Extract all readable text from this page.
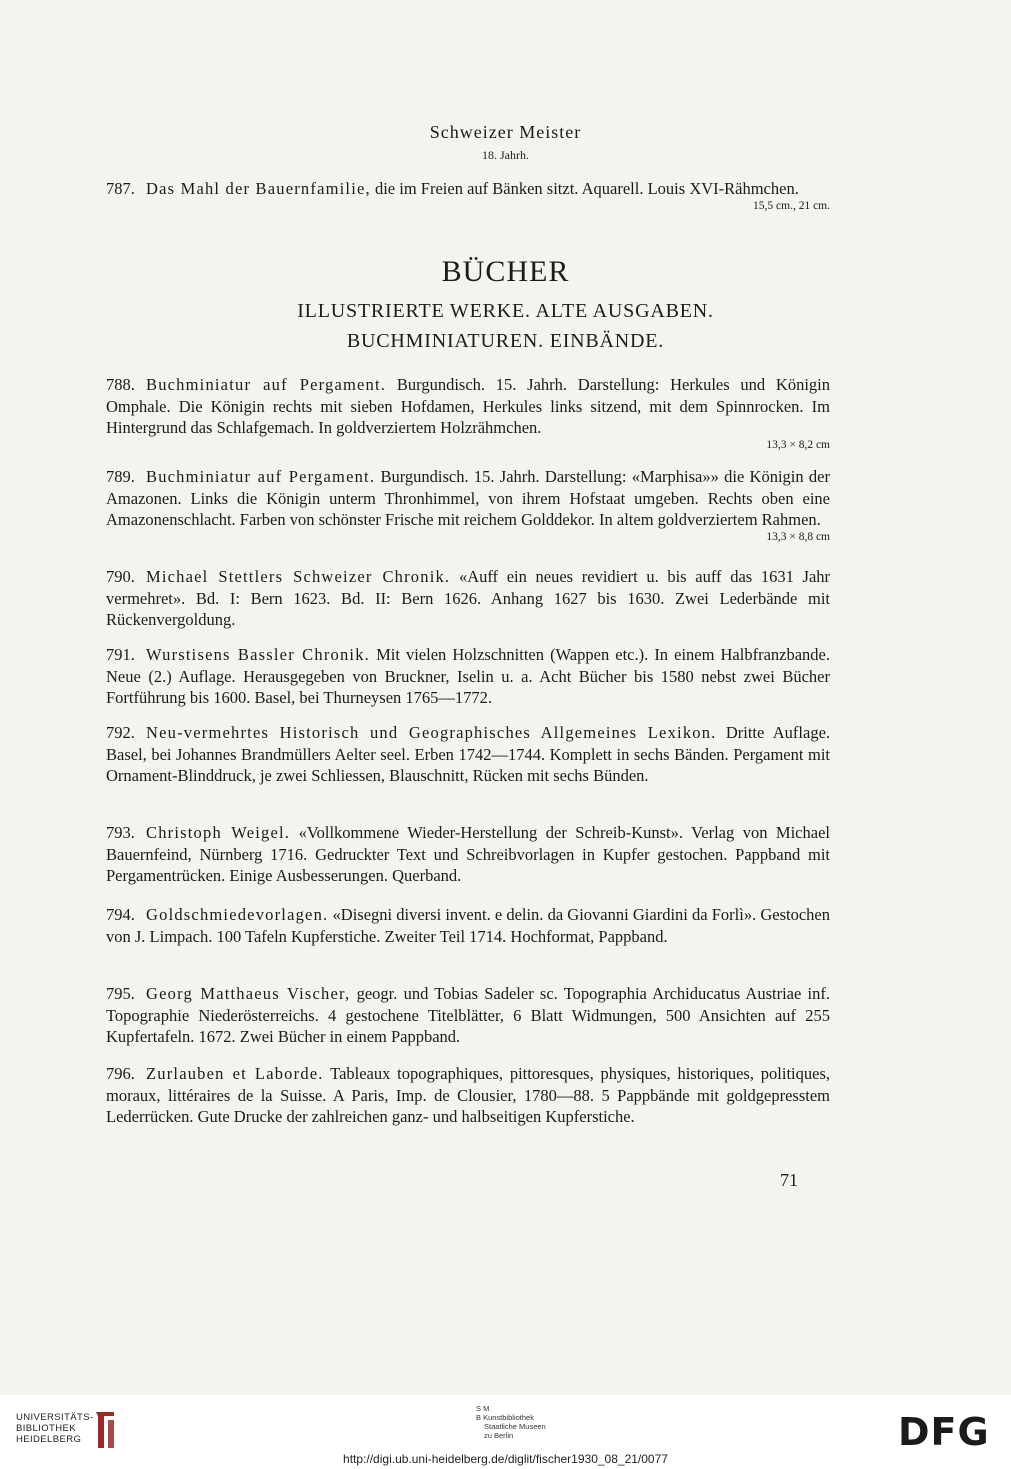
Schweizer Meister
18. Jahrh.
787. Das Mahl der Bauernfamilie, die im Freien auf Bänken sitzt. Aquarell. Louis XVI-Rähmchen.
15,5 cm., 21 cm.
BÜCHER
ILLUSTRIERTE WERKE. ALTE AUSGABEN.
BUCHMINIATUREN. EINBÄNDE.
788. Buchminiatur auf Pergament. Burgundisch. 15. Jahrh. Darstellung: Herkules und Königin Omphale. Die Königin rechts mit sieben Hofdamen, Herkules links sitzend, mit dem Spinnrocken. Im Hintergrund das Schlafgemach. In goldverziertem Holzrähmchen.
13,3 × 8,2 cm
789. Buchminiatur auf Pergament. Burgundisch. 15. Jahrh. Darstellung: «Marphisa»» die Königin der Amazonen. Links die Königin unterm Thronhimmel, von ihrem Hofstaat umgeben. Rechts oben eine Amazonenschlacht. Farben von schönster Frische mit reichem Golddekor. In altem goldverziertem Rahmen.
13,3 × 8,8 cm
790. Michael Stettlers Schweizer Chronik. «Auff ein neues revidiert u. bis auff das 1631 Jahr vermehret». Bd. I: Bern 1623. Bd. II: Bern 1626. Anhang 1627 bis 1630. Zwei Lederbände mit Rückenvergoldung.
791. Wurstisens Bassler Chronik. Mit vielen Holzschnitten (Wappen etc.). In einem Halbfranzbande. Neue (2.) Auflage. Herausgegeben von Bruckner, Iselin u. a. Acht Bücher bis 1580 nebst zwei Bücher Fortführung bis 1600. Basel, bei Thurneysen 1765—1772.
792. Neu-vermehrtes Historisch und Geographisches Allgemeines Lexikon. Dritte Auflage. Basel, bei Johannes Brandmüllers Aelter seel. Erben 1742—1744. Komplett in sechs Bänden. Pergament mit Ornament-Blinddruck, je zwei Schliessen, Blauschnitt, Rücken mit sechs Bünden.
793. Christoph Weigel. «Vollkommene Wieder-Herstellung der Schreib-Kunst». Verlag von Michael Bauernfeind, Nürnberg 1716. Gedruckter Text und Schreibvorlagen in Kupfer gestochen. Pappband mit Pergamentrücken. Einige Ausbesserungen. Querband.
794. Goldschmiedevorlagen. «Disegni diversi invent. e delin. da Giovanni Giardini da Forlì». Gestochen von J. Limpach. 100 Tafeln Kupferstiche. Zweiter Teil 1714. Hochformat, Pappband.
795. Georg Matthaeus Vischer, geogr. und Tobias Sadeler sc. Topographia Archiducatus Austriae inf. Topographie Niederösterreichs. 4 gestochene Titelblätter, 6 Blatt Widmungen, 500 Ansichten auf 255 Kupfertafeln. 1672. Zwei Bücher in einem Pappband.
796. Zurlauben et Laborde. Tableaux topographiques, pittoresques, physiques, historiques, politiques, moraux, littéraires de la Suisse. A Paris, Imp. de Clousier, 1780—88. 5 Pappbände mit goldgepresstem Lederrücken. Gute Drucke der zahlreichen ganz- und halbseitigen Kupferstiche.
71
UNIVERSITÄTS-
BIBLIOTHEK
HEIDELBERG
S M
B Kunstbibliothek
Staatliche Museen
zu Berlin	DFG
http://digi.ub.uni-heidelberg.de/diglit/fischer1930_08_21/0077
